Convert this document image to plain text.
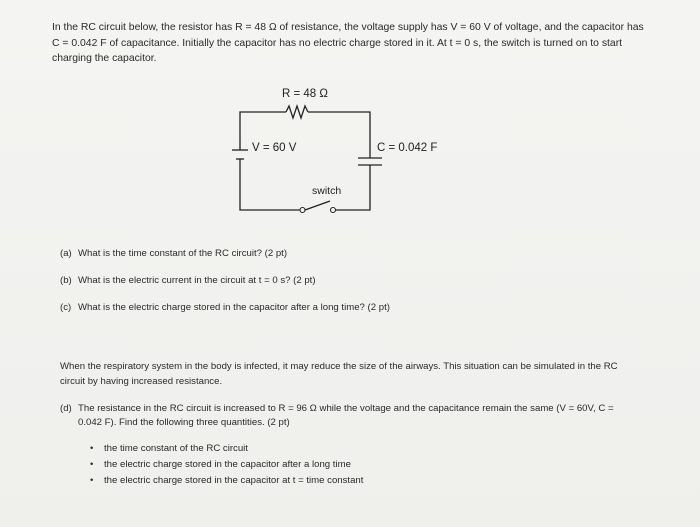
In the RC circuit below, the resistor has R = 48 Ω of resistance, the voltage supply has V = 60 V of voltage, and the capacitor has C = 0.042 F of capacitance. Initially the capacitor has no electric charge stored in it. At t = 0 s, the switch is turned on to start charging the capacitor.

R = 48 Ω
V = 60 V	C = 0.042 F
switch

(a) What is the time constant of the RC circuit? (2 pt)

(b) What is the electric current in the circuit at t = 0 s? (2 pt)

(c) What is the electric charge stored in the capacitor after a long time? (2 pt)

When the respiratory system in the body is infected, it may reduce the size of the airways. This situation can be simulated in the RC circuit by having increased resistance.

(d) The resistance in the RC circuit is increased to R = 96 Ω while the voltage and the capacitance remain the same (V = 60V, C = 0.042 F). Find the following three quantities. (2 pt)
• the time constant of the RC circuit
• the electric charge stored in the capacitor after a long time
• the electric charge stored in the capacitor at t = time constant
